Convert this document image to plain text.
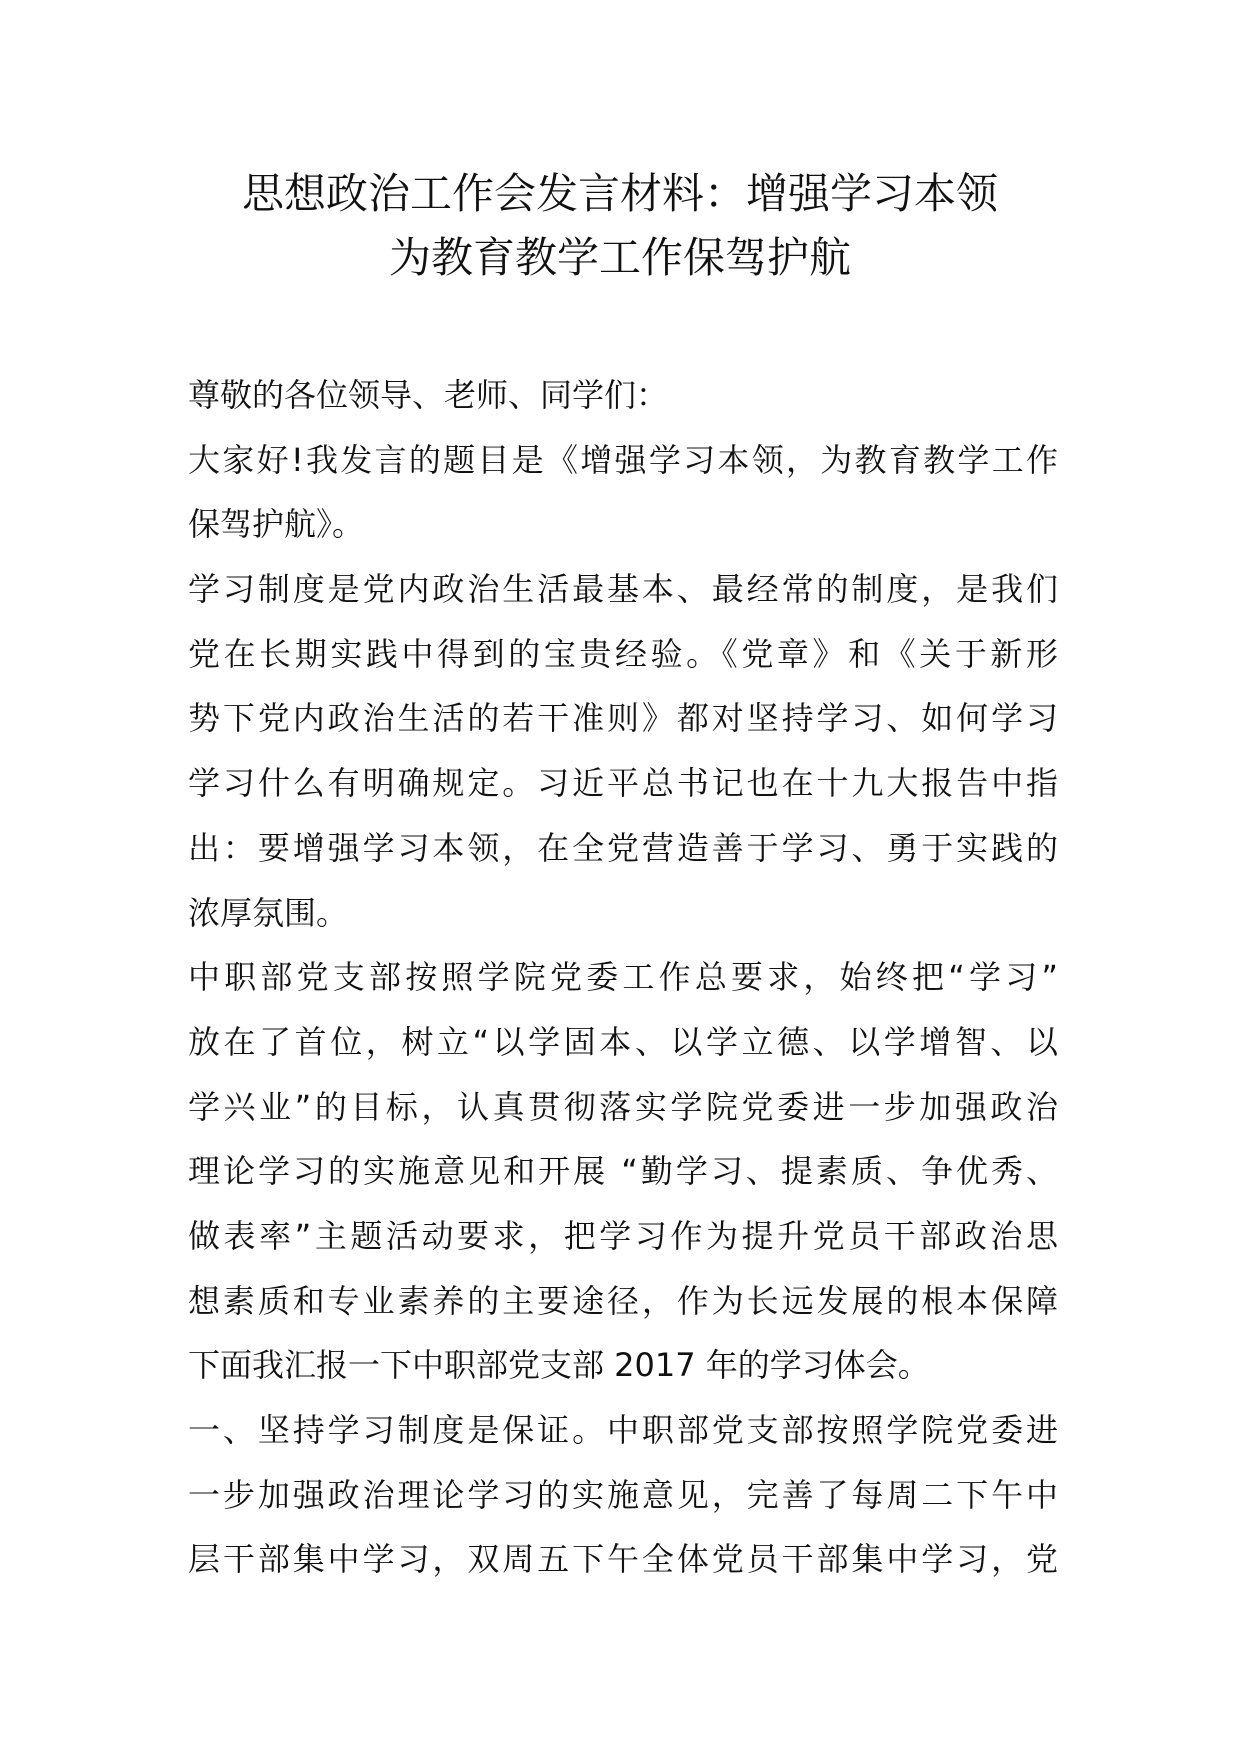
思想政治工作会发言材料：增强学习本领
为教育教学工作保驾护航
尊敬的各位领导、老师、同学们：
大家好!我发言的题目是《增强学习本领，为教育教学工作
保驾护航》。
学习制度是党内政治生活最基本、最经常的制度，是我们
党在长期实践中得到的宝贵经验。《党章》和《关于新形
势下党内政治生活的若干准则》都对坚持学习、如何学习
学习什么有明确规定。习近平总书记也在十九大报告中指
出：要增强学习本领，在全党营造善于学习、勇于实践的
浓厚氛围。
中职部党支部按照学院党委工作总要求，始终把“学习”
放在了首位，树立“以学固本、以学立德、以学增智、以
学兴业”的目标，认真贯彻落实学院党委进一步加强政治
理论学习的实施意见和开展 “勤学习、提素质、争优秀、
做表率”主题活动要求，把学习作为提升党员干部政治思
想素质和专业素养的主要途径，作为长远发展的根本保障
下面我汇报一下中职部党支部 2017 年的学习体会。
一、坚持学习制度是保证。中职部党支部按照学院党委进
一步加强政治理论学习的实施意见，完善了每周二下午中
层干部集中学习，双周五下午全体党员干部集中学习，党
